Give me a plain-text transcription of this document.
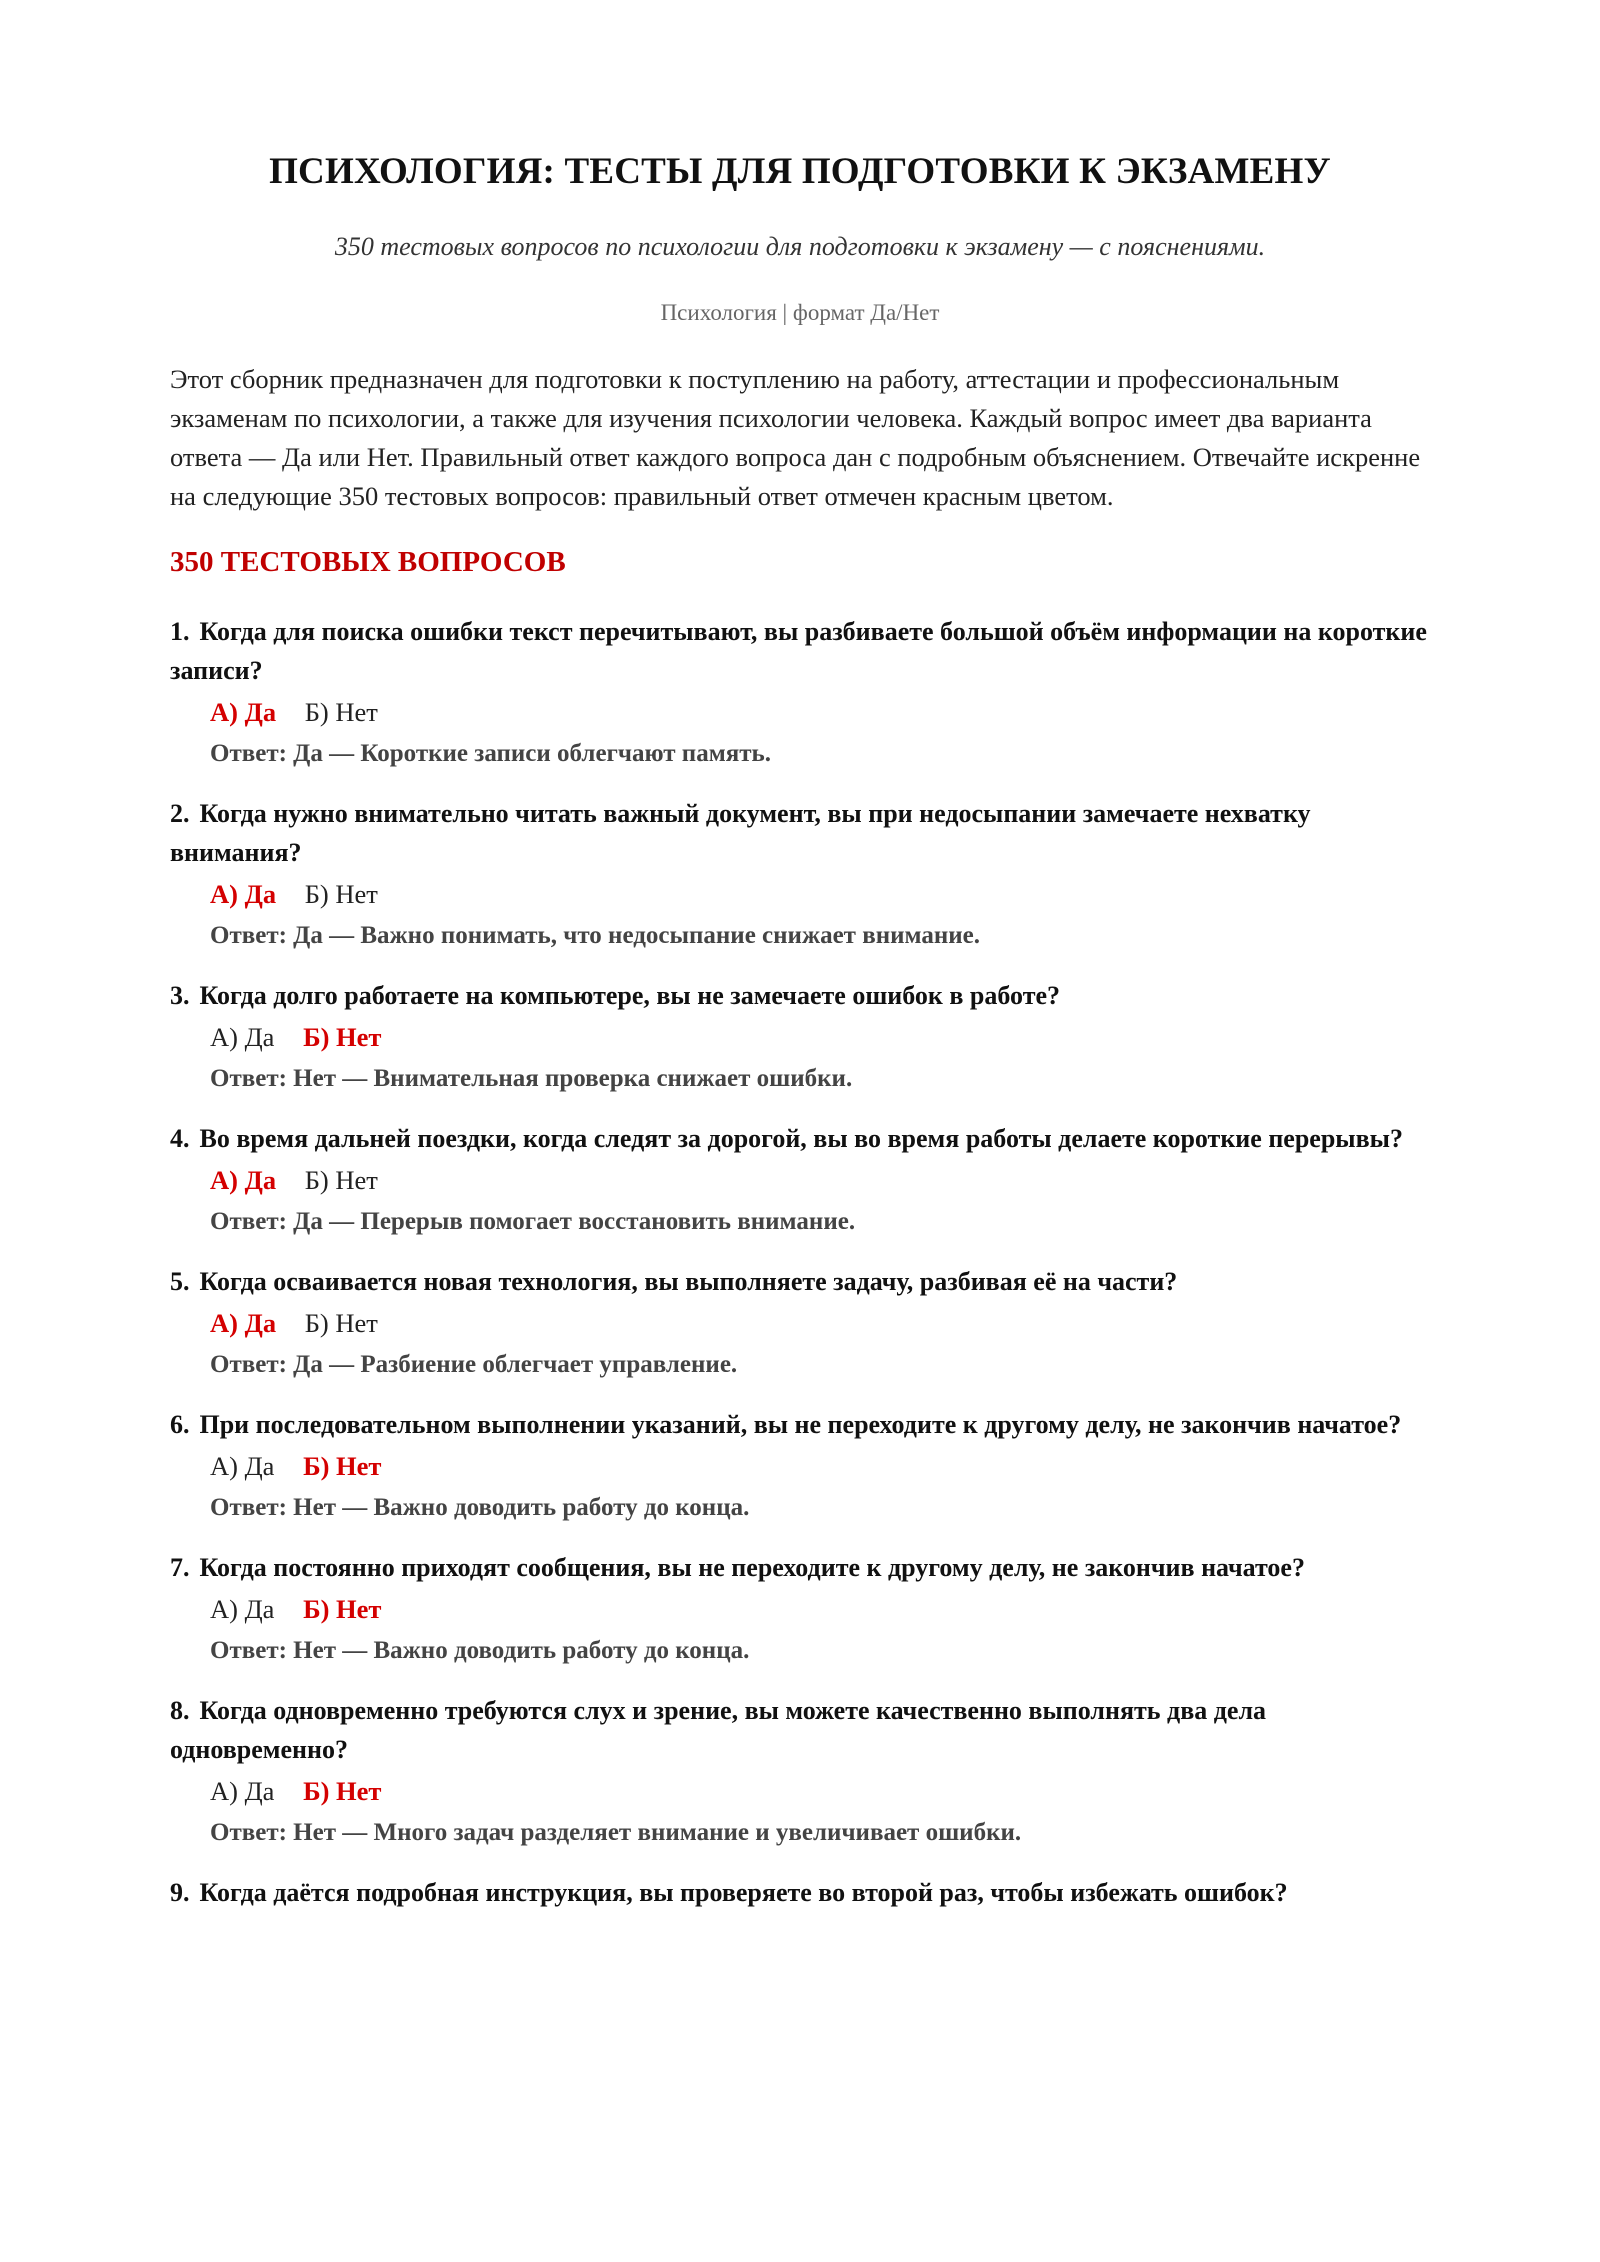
ПСИХОЛОГИЯ: ТЕСТЫ ДЛЯ ПОДГОТОВКИ К ЭКЗАМЕНУ
350 тестовых вопросов по психологии для подготовки к экзамену — с пояснениями.
Психология | формат Да/Нет

Этот сборник предназначен для подготовки к поступлению на работу, аттестации и профессиональным экзаменам по психологии, а также для изучения психологии человека. Каждый вопрос имеет два варианта ответа — Да или Нет. Правильный ответ каждого вопроса дан с подробным объяснением. Отвечайте искренне на следующие 350 тестовых вопросов: правильный ответ отмечен красным цветом.

350 ТЕСТОВЫХ ВОПРОСОВ
1. Когда для поиска ошибки текст перечитывают, вы разбиваете большой объём информации на короткие записи?
А) Да Б) Нет
Ответ: Да — Короткие записи облегчают память.
2. Когда нужно внимательно читать важный документ, вы при недосыпании замечаете нехватку внимания?
А) Да Б) Нет
Ответ: Да — Важно понимать, что недосыпание снижает внимание.
3. Когда долго работаете на компьютере, вы не замечаете ошибок в работе?
А) Да Б) Нет
Ответ: Нет — Внимательная проверка снижает ошибки.
4. Во время дальней поездки, когда следят за дорогой, вы во время работы делаете короткие перерывы?
А) Да Б) Нет
Ответ: Да — Перерыв помогает восстановить внимание.
5. Когда осваивается новая технология, вы выполняете задачу, разбивая её на части?
А) Да Б) Нет
Ответ: Да — Разбиение облегчает управление.
6. При последовательном выполнении указаний, вы не переходите к другому делу, не закончив начатое?
А) Да Б) Нет
Ответ: Нет — Важно доводить работу до конца.
7. Когда постоянно приходят сообщения, вы не переходите к другому делу, не закончив начатое?
А) Да Б) Нет
Ответ: Нет — Важно доводить работу до конца.
8. Когда одновременно требуются слух и зрение, вы можете качественно выполнять два дела одновременно?
А) Да Б) Нет
Ответ: Нет — Много задач разделяет внимание и увеличивает ошибки.
9. Когда даётся подробная инструкция, вы проверяете во второй раз, чтобы избежать ошибок?
